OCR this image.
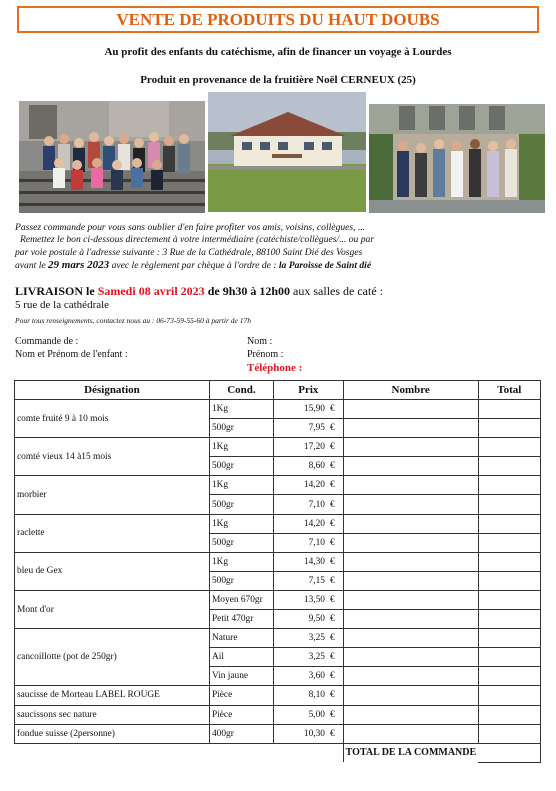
VENTE DE PRODUITS DU HAUT DOUBS
Au profit des enfants du catéchisme, afin de financer un voyage à Lourdes
Produit en provenance de la fruitière Noël CERNEUX (25)
Passez commande pour vous sans oublier d'en faire profiter vos amis, voisins, collègues, ...
Remettez le bon ci-dessous directement à votre intermédiaire (catéchiste/collègues/... ou par
par voie postale à l'adresse suivante : 3 Rue de la Cathédrale, 88100 Saint Dié des Vosges
avant le 29 mars 2023 avec le règlement par chèque à l'ordre de : la Paroisse de Saint dié
LIVRAISON le Samedi 08 avril 2023 de 9h30 à 12h00 aux salles de caté :
5 rue de la cathédrale
Pour tous renseignements, contactez nous au : 06-73-59-55-60 à partir de 17h
Commande de :
Nom et Prénom de l'enfant :
Nom :
Prénom :
Téléphone :
Désignation	Cond.	Prix	Nombre	Total
comte fruité 9 à 10 mois	1Kg	15,90 €		
	500gr	7,95 €		
comté vieux 14 à15 mois	1Kg	17,20 €		
	500gr	8,60 €		
morbier	1Kg	14,20 €		
	500gr	7,10 €		
raclette	1Kg	14,20 €		
	500gr	7,10 €		
bleu de Gex	1Kg	14,30 €		
	500gr	7,15 €		
Mont d'or	Moyen 670gr	13,50 €		
	Petit 470gr	9,50 €		
cancoillotte (pot de 250gr)	Nature	3,25 €		
	Ail	3,25 €		
	Vin jaune	3,60 €		
saucisse de Morteau LABEL ROUGE	Pièce	8,10 €		
saucissons sec nature	Pièce	5,00 €		
fondue suisse (2personne)	400gr	10,30 €		
			TOTAL DE LA COMMANDE	
